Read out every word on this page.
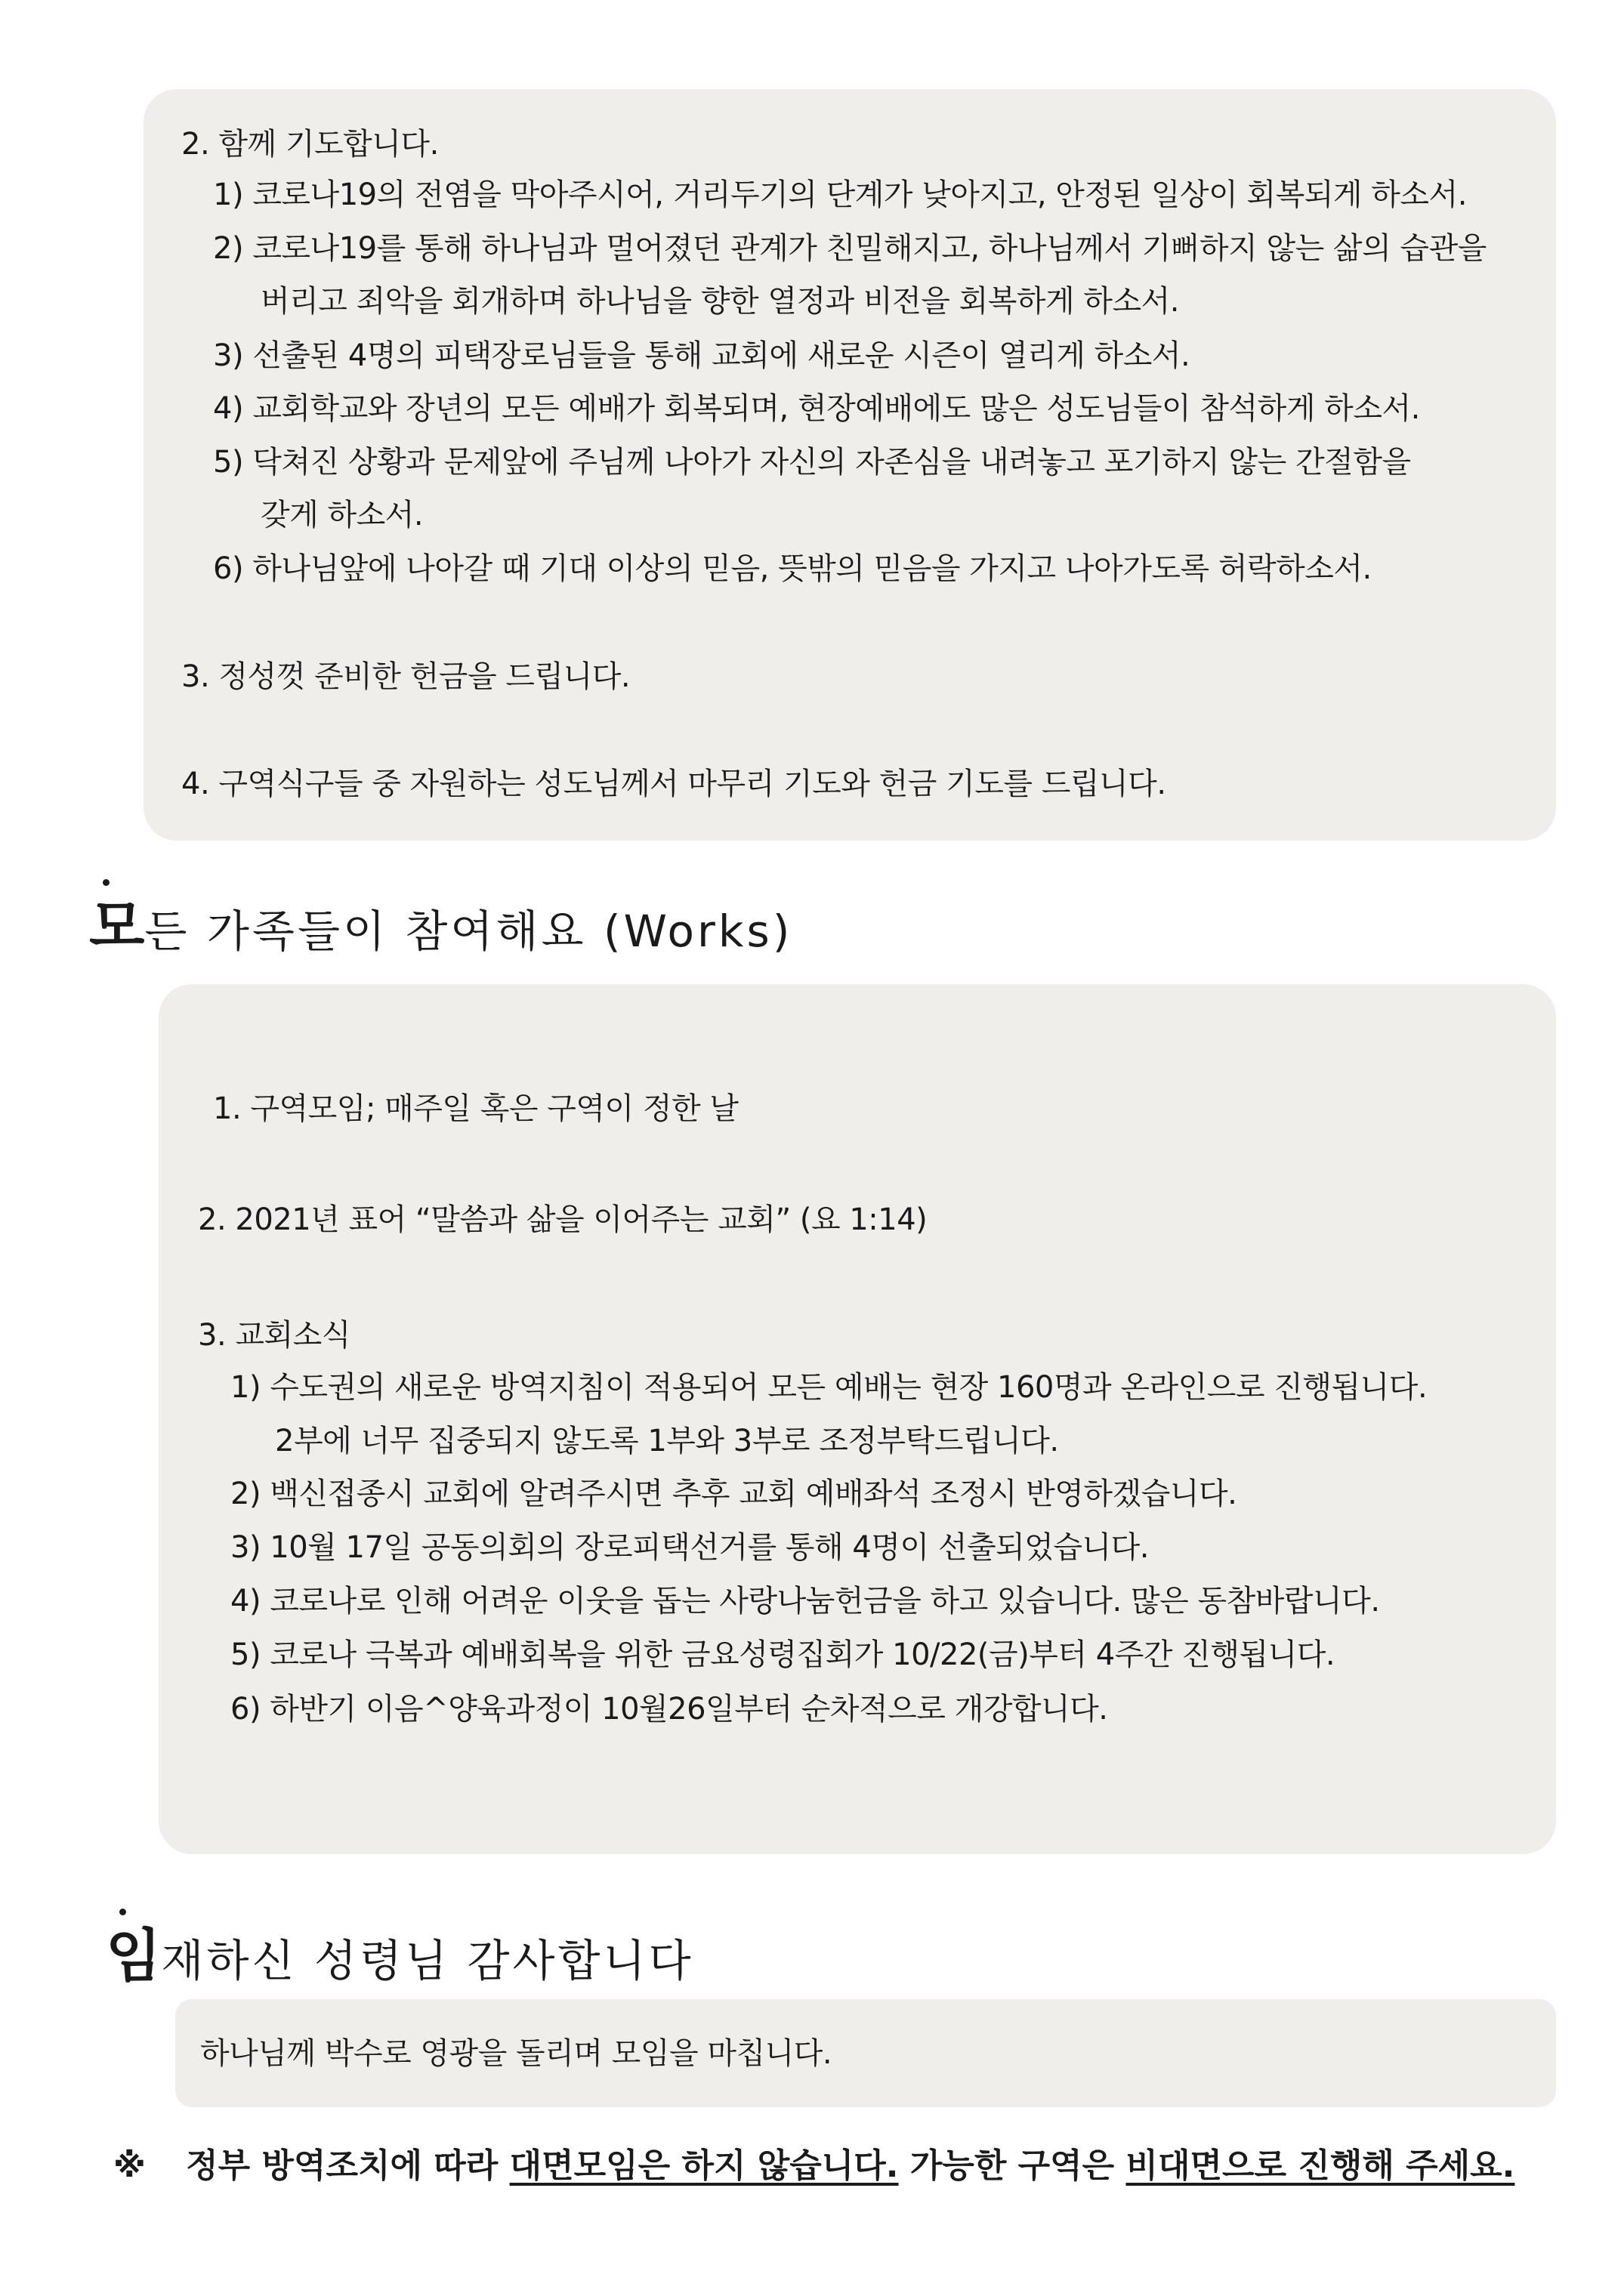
2. 함께 기도합니다.
1) 코로나19의 전염을 막아주시어, 거리두기의 단계가 낮아지고, 안정된 일상이 회복되게 하소서.
2) 코로나19를 통해 하나님과 멀어졌던 관계가 친밀해지고, 하나님께서 기뻐하지 않는 삶의 습관을
버리고 죄악을 회개하며 하나님을 향한 열정과 비전을 회복하게 하소서.
3) 선출된 4명의 피택장로님들을 통해 교회에 새로운 시즌이 열리게 하소서.
4) 교회학교와 장년의 모든 예배가 회복되며, 현장예배에도 많은 성도님들이 참석하게 하소서.
5) 닥쳐진 상황과 문제앞에 주님께 나아가 자신의 자존심을 내려놓고 포기하지 않는 간절함을
갖게 하소서.
6) 하나님앞에 나아갈 때 기대 이상의 믿음, 뜻밖의 믿음을 가지고 나아가도록 허락하소서.
3. 정성껏 준비한 헌금을 드립니다.
4. 구역식구들 중 자원하는 성도님께서 마무리 기도와 헌금 기도를 드립니다.
모든 가족들이 참여해요 (Works)
1. 구역모임; 매주일 혹은 구역이 정한 날
2. 2021년 표어 “말씀과 삶을 이어주는 교회” (요 1:14)
3. 교회소식
1) 수도권의 새로운 방역지침이 적용되어 모든 예배는 현장 160명과 온라인으로 진행됩니다.
2부에 너무 집중되지 않도록 1부와 3부로 조정부탁드립니다.
2) 백신접종시 교회에 알려주시면 추후 교회 예배좌석 조정시 반영하겠습니다.
3) 10월 17일 공동의회의 장로피택선거를 통해 4명이 선출되었습니다.
4) 코로나로 인해 어려운 이웃을 돕는 사랑나눔헌금을 하고 있습니다. 많은 동참바랍니다.
5) 코로나 극복과 예배회복을 위한 금요성령집회가 10/22(금)부터 4주간 진행됩니다.
6) 하반기 이음^양육과정이 10월26일부터 순차적으로 개강합니다.
임재하신 성령님 감사합니다
하나님께 박수로 영광을 돌리며 모임을 마칩니다.
※ 정부 방역조치에 따라 대면모임은 하지 않습니다. 가능한 구역은 비대면으로 진행해 주세요.
